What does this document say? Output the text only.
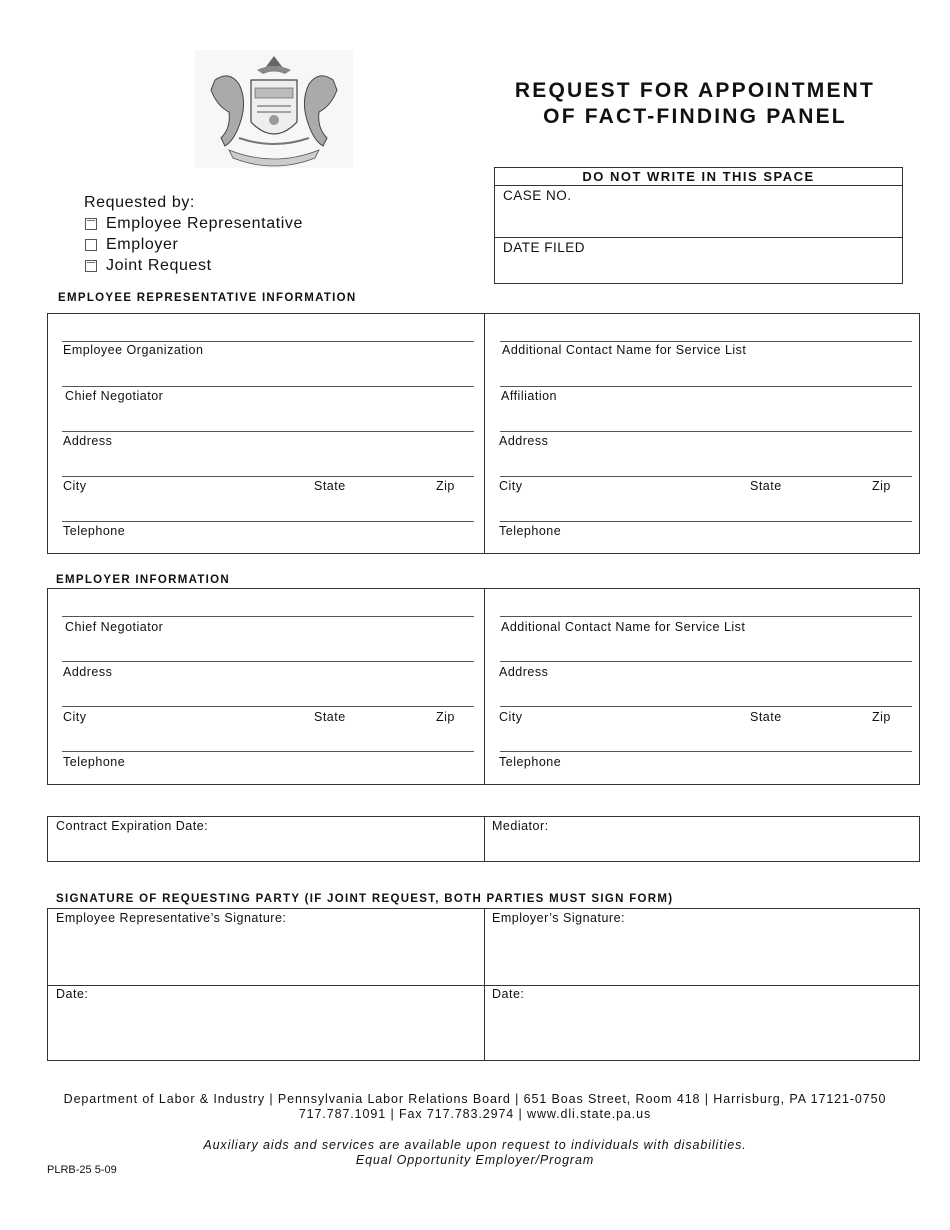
REQUEST FOR APPOINTMENT
OF FACT-FINDING PANEL
DO NOT WRITE IN THIS SPACE
CASE NO.
DATE FILED
Requested by:
Employee Representative
Employer
Joint Request
EMPLOYEE REPRESENTATIVE INFORMATION
Employee Organization
Chief Negotiator
Address
City	State	Zip
Telephone
Additional Contact Name for Service List
Affiliation
Address
City	State	Zip
Telephone
EMPLOYER INFORMATION
Chief Negotiator
Address
City	State	Zip
Telephone
Additional Contact Name for Service List
Address
City	State	Zip
Telephone
Contract Expiration Date:	Mediator:
SIGNATURE OF REQUESTING PARTY (IF JOINT REQUEST, BOTH PARTIES MUST SIGN FORM)
Employee Representative’s Signature:	Employer’s Signature:
Date:	Date:
Department of Labor & Industry | Pennsylvania Labor Relations Board | 651 Boas Street, Room 418 | Harrisburg, PA 17121-0750
717.787.1091 | Fax 717.783.2974 | www.dli.state.pa.us
Auxiliary aids and services are available upon request to individuals with disabilities.
Equal Opportunity Employer/Program
PLRB-25 5-09
